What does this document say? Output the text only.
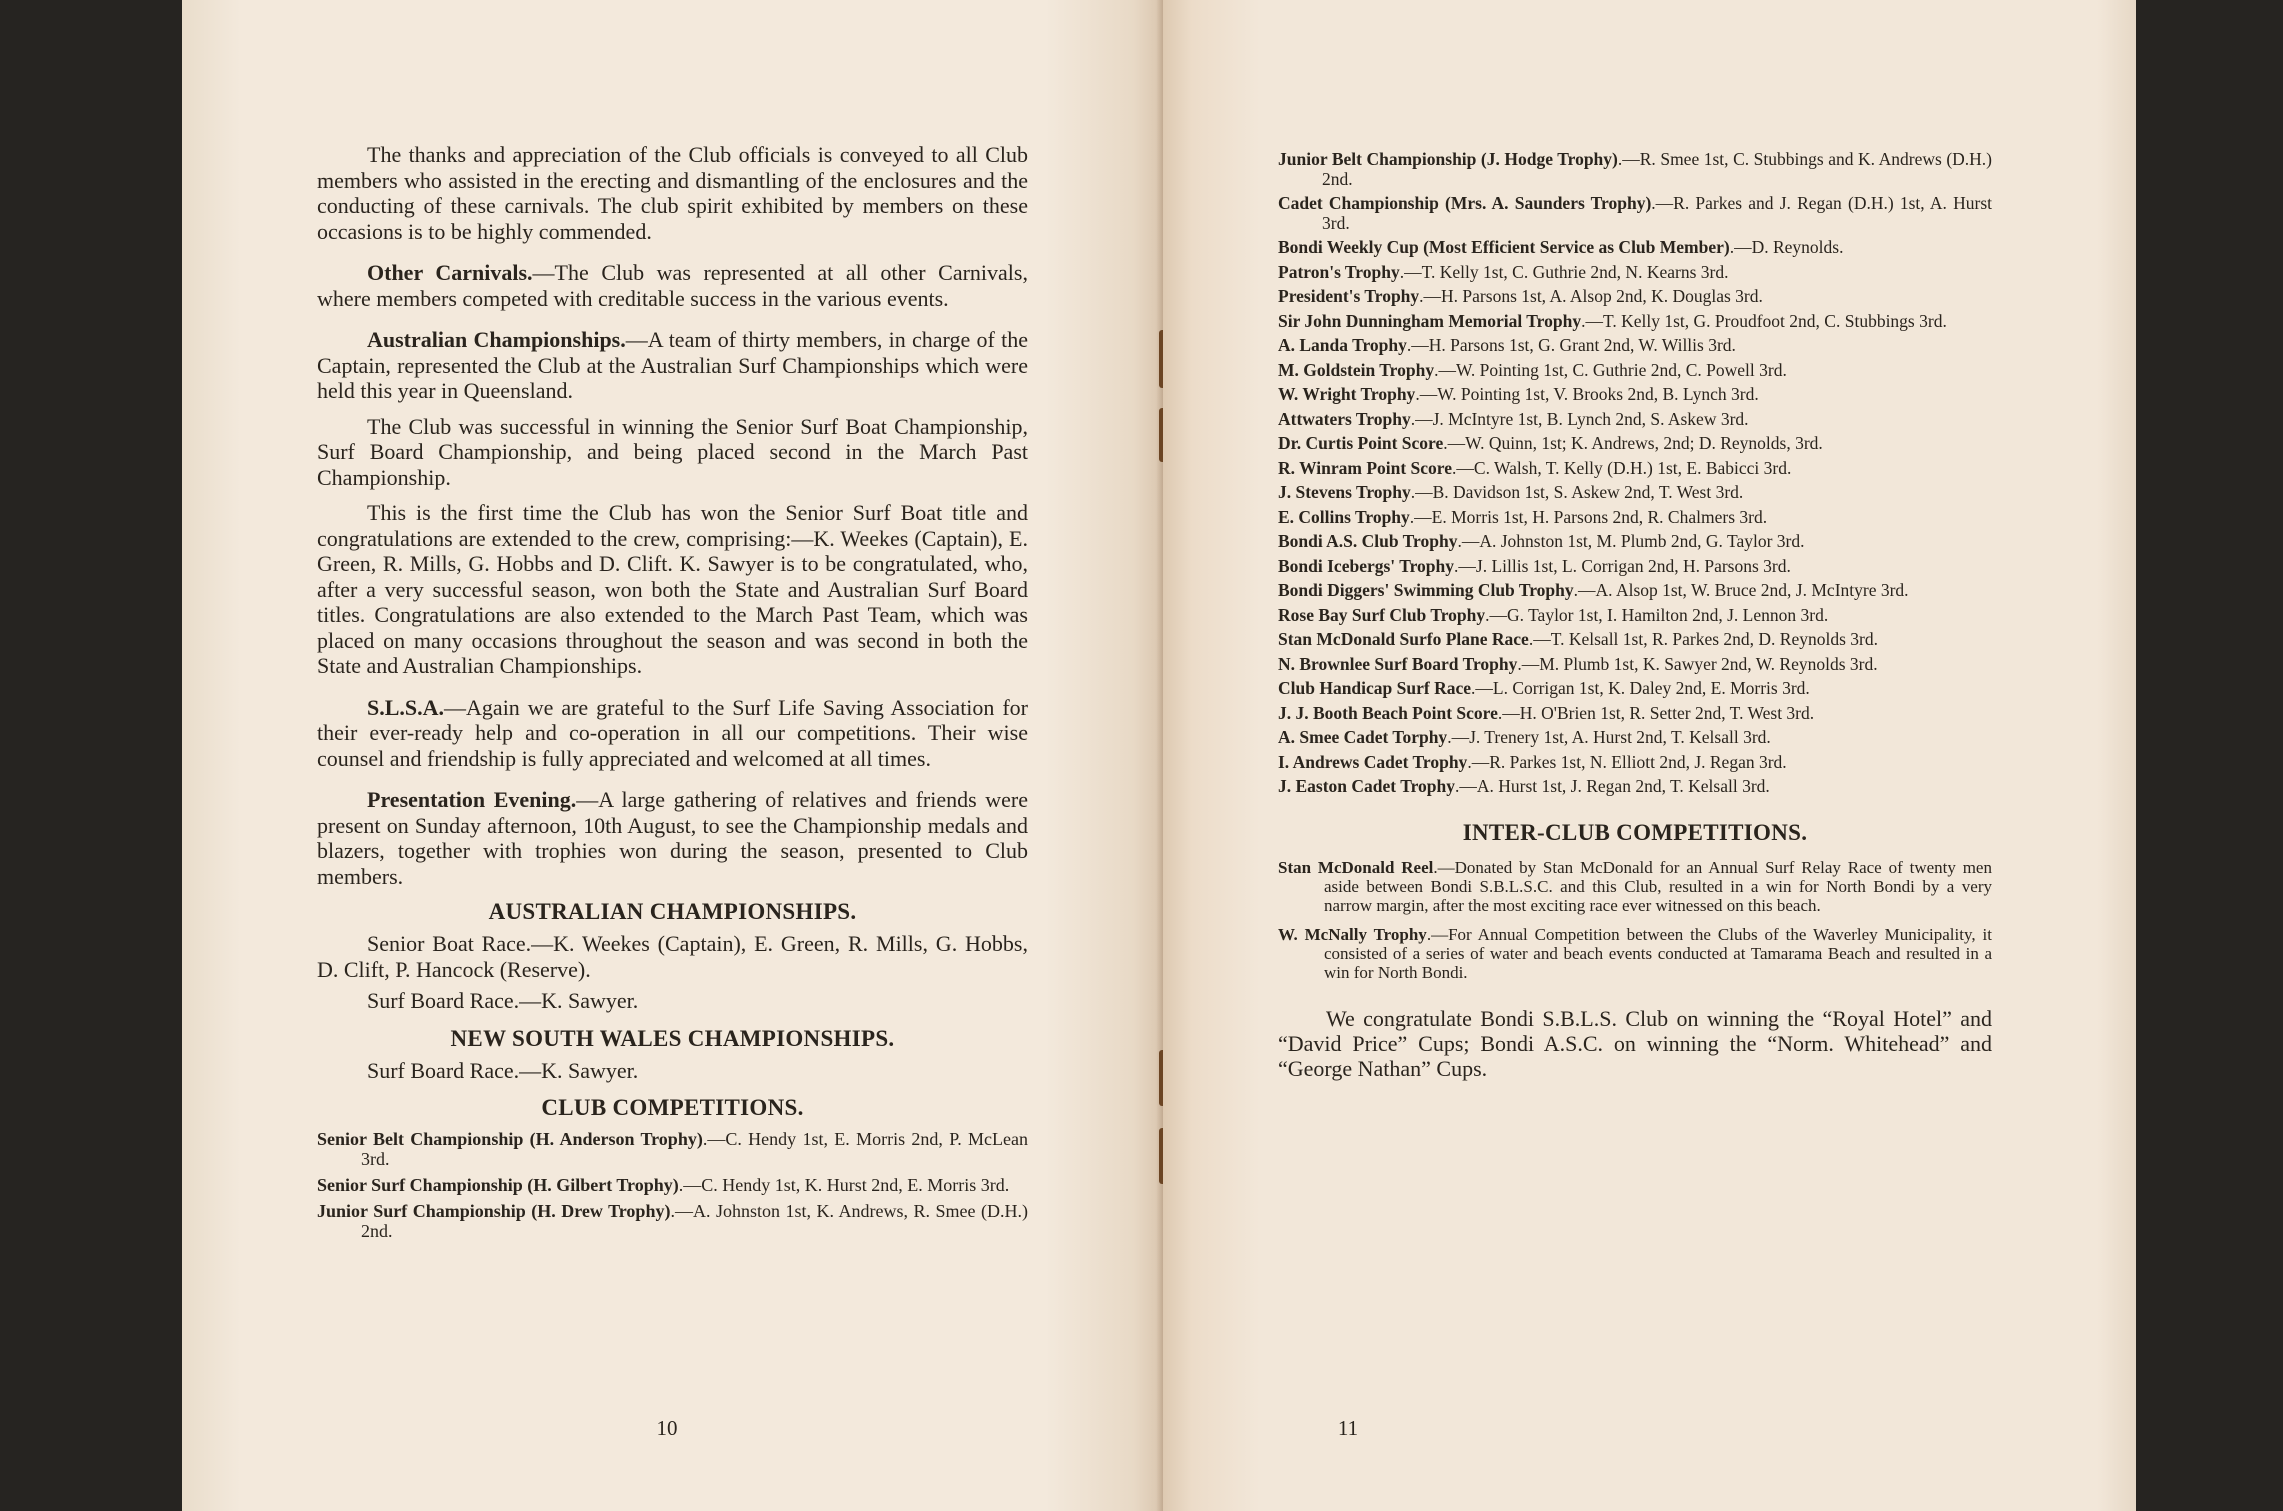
The thanks and appreciation of the Club officials is conveyed to all Club members who assisted in the erecting and dismantling of the enclosures and the conducting of these carnivals. The club spirit exhibited by members on these occasions is to be highly commended.

Other Carnivals.—The Club was represented at all other Carnivals, where members competed with creditable success in the various events.

Australian Championships.—A team of thirty members, in charge of the Captain, represented the Club at the Australian Surf Championships which were held this year in Queensland.

The Club was successful in winning the Senior Surf Boat Championship, Surf Board Championship, and being placed second in the March Past Championship.

This is the first time the Club has won the Senior Surf Boat title and congratulations are extended to the crew, comprising:—K. Weekes (Captain), E. Green, R. Mills, G. Hobbs and D. Clift. K. Sawyer is to be congratulated, who, after a very successful season, won both the State and Australian Surf Board titles. Congratulations are also extended to the March Past Team, which was placed on many occasions throughout the season and was second in both the State and Australian Championships.

S.L.S.A.—Again we are grateful to the Surf Life Saving Association for their ever-ready help and co-operation in all our competitions. Their wise counsel and friendship is fully appreciated and welcomed at all times.

Presentation Evening.—A large gathering of relatives and friends were present on Sunday afternoon, 10th August, to see the Championship medals and blazers, together with trophies won during the season, presented to Club members.

AUSTRALIAN CHAMPIONSHIPS.

Senior Boat Race.—K. Weekes (Captain), E. Green, R. Mills, G. Hobbs, D. Clift, P. Hancock (Reserve).

Surf Board Race.—K. Sawyer.

NEW SOUTH WALES CHAMPIONSHIPS.

Surf Board Race.—K. Sawyer.

CLUB COMPETITIONS.

Senior Belt Championship (H. Anderson Trophy).—C. Hendy 1st, E. Morris 2nd, P. McLean 3rd.

Senior Surf Championship (H. Gilbert Trophy).—C. Hendy 1st, K. Hurst 2nd, E. Morris 3rd.

Junior Surf Championship (H. Drew Trophy).—A. Johnston 1st, K. Andrews, R. Smee (D.H.) 2nd.

10	11

Junior Belt Championship (J. Hodge Trophy).—R. Smee 1st, C. Stubbings and K. Andrews (D.H.) 2nd.

Cadet Championship (Mrs. A. Saunders Trophy).—R. Parkes and J. Regan (D.H.) 1st, A. Hurst 3rd.

Bondi Weekly Cup (Most Efficient Service as Club Member).—D. Reynolds.

Patron's Trophy.—T. Kelly 1st, C. Guthrie 2nd, N. Kearns 3rd.

President's Trophy.—H. Parsons 1st, A. Alsop 2nd, K. Douglas 3rd.

Sir John Dunningham Memorial Trophy.—T. Kelly 1st, G. Proudfoot 2nd, C. Stubbings 3rd.

A. Landa Trophy.—H. Parsons 1st, G. Grant 2nd, W. Willis 3rd.

M. Goldstein Trophy.—W. Pointing 1st, C. Guthrie 2nd, C. Powell 3rd.

W. Wright Trophy.—W. Pointing 1st, V. Brooks 2nd, B. Lynch 3rd.

Attwaters Trophy.—J. McIntyre 1st, B. Lynch 2nd, S. Askew 3rd.

Dr. Curtis Point Score.—W. Quinn, 1st; K. Andrews, 2nd; D. Reynolds, 3rd.

R. Winram Point Score.—C. Walsh, T. Kelly (D.H.) 1st, E. Babicci 3rd.

J. Stevens Trophy.—B. Davidson 1st, S. Askew 2nd, T. West 3rd.

E. Collins Trophy.—E. Morris 1st, H. Parsons 2nd, R. Chalmers 3rd.

Bondi A.S. Club Trophy.—A. Johnston 1st, M. Plumb 2nd, G. Taylor 3rd.

Bondi Icebergs' Trophy.—J. Lillis 1st, L. Corrigan 2nd, H. Parsons 3rd.

Bondi Diggers' Swimming Club Trophy.—A. Alsop 1st, W. Bruce 2nd, J. McIntyre 3rd.

Rose Bay Surf Club Trophy.—G. Taylor 1st, I. Hamilton 2nd, J. Lennon 3rd.

Stan McDonald Surfo Plane Race.—T. Kelsall 1st, R. Parkes 2nd, D. Reynolds 3rd.

N. Brownlee Surf Board Trophy.—M. Plumb 1st, K. Sawyer 2nd, W. Reynolds 3rd.

Club Handicap Surf Race.—L. Corrigan 1st, K. Daley 2nd, E. Morris 3rd.

J. J. Booth Beach Point Score.—H. O'Brien 1st, R. Setter 2nd, T. West 3rd.

A. Smee Cadet Torphy.—J. Trenery 1st, A. Hurst 2nd, T. Kelsall 3rd.

I. Andrews Cadet Trophy.—R. Parkes 1st, N. Elliott 2nd, J. Regan 3rd.

J. Easton Cadet Trophy.—A. Hurst 1st, J. Regan 2nd, T. Kelsall 3rd.

INTER-CLUB COMPETITIONS.

Stan McDonald Reel.—Donated by Stan McDonald for an Annual Surf Relay Race of twenty men aside between Bondi S.B.L.S.C. and this Club, resulted in a win for North Bondi by a very narrow margin, after the most exciting race ever witnessed on this beach.

W. McNally Trophy.—For Annual Competition between the Clubs of the Waverley Municipality, it consisted of a series of water and beach events conducted at Tamarama Beach and resulted in a win for North Bondi.

We congratulate Bondi S.B.L.S. Club on winning the “Royal Hotel” and “David Price” Cups; Bondi A.S.C. on winning the “Norm. Whitehead” and “George Nathan” Cups.
